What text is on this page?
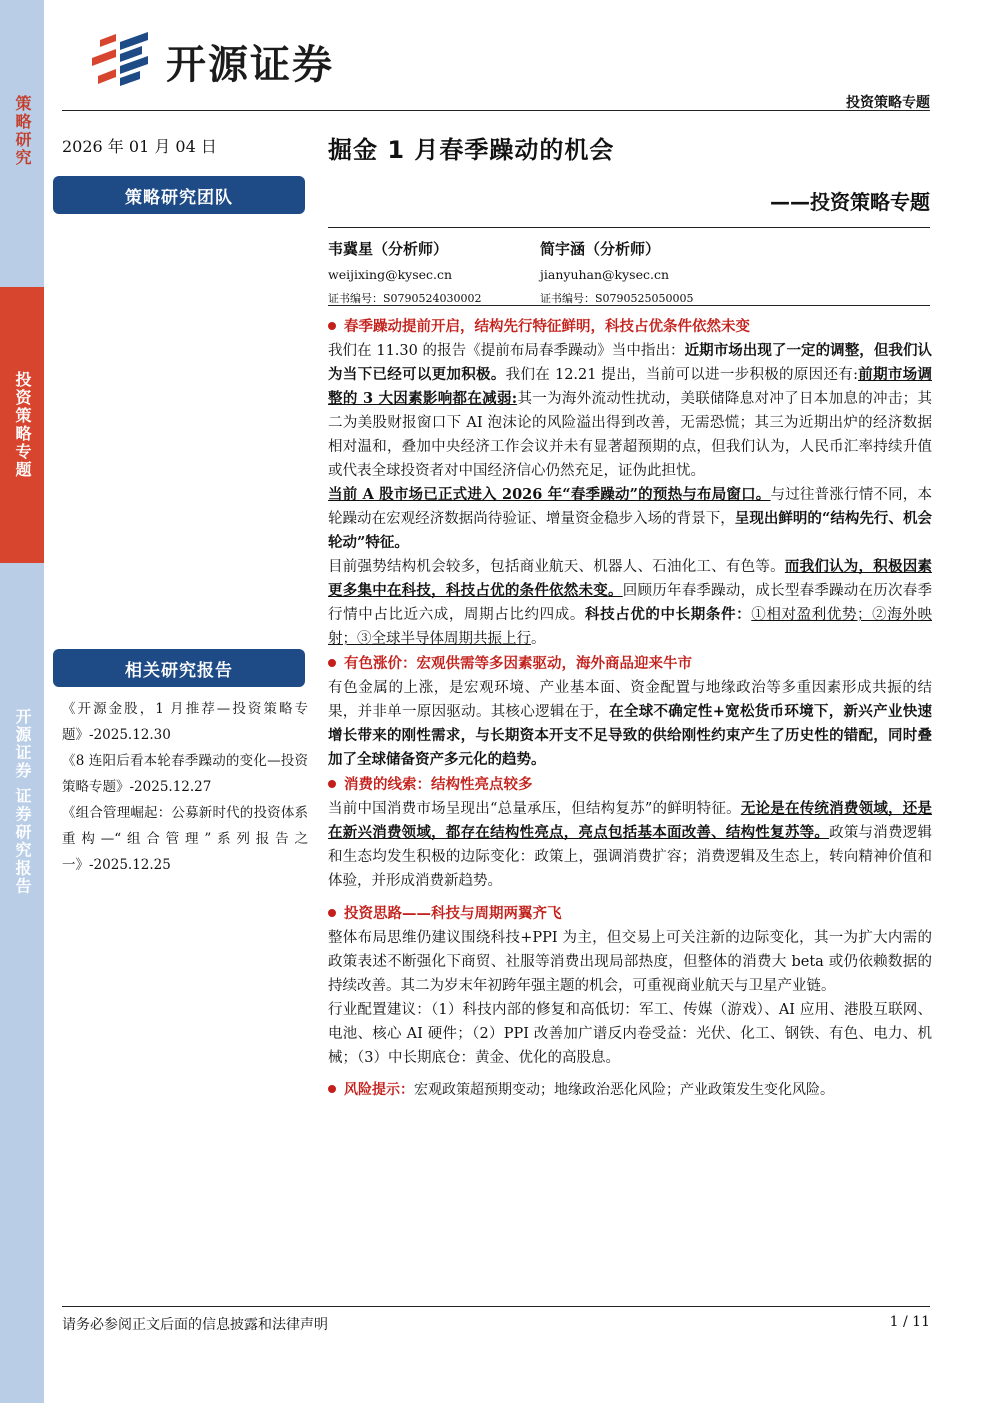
策略研究
投资策略专题
开源证券 证券研究报告
开源证券
投资策略专题
2026 年 01 月 04 日	掘金 1 月春季躁动的机会
——投资策略专题
策略研究团队
韦冀星（分析师）
weijixing@kysec.cn
证书编号：S0790524030002
简宇涵（分析师）
jianyuhan@kysec.cn
证书编号：S0790525050005
相关研究报告

《开源金股，1 月推荐—投资策略专题》-2025.12.30

《8 连阳后看本轮春季躁动的变化—投资策略专题》-2025.12.27

《组合管理崛起：公募新时代的投资体系重构—“组合管理”系列报告之一》-2025.12.25

春季躁动提前开启，结构先行特征鲜明，科技占优条件依然未变

我们在 11.30 的报告《提前布局春季躁动》当中指出：近期市场出现了一定的调整，但我们认为当下已经可以更加积极。我们在 12.21 提出，当前可以进一步积极的原因还有:前期市场调整的 3 大因素影响都在减弱:其一为海外流动性扰动，美联储降息对冲了日本加息的冲击；其二为美股财报窗口下 AI 泡沫论的风险溢出得到改善，无需恐慌；其三为近期出炉的经济数据相对温和，叠加中央经济工作会议并未有显著超预期的点，但我们认为，人民币汇率持续升值或代表全球投资者对中国经济信心仍然充足，证伪此担忧。

当前 A 股市场已正式进入 2026 年“春季躁动”的预热与布局窗口。与过往普涨行情不同，本轮躁动在宏观经济数据尚待验证、增量资金稳步入场的背景下，呈现出鲜明的“结构先行、机会轮动”特征。

目前强势结构机会较多，包括商业航天、机器人、石油化工、有色等。而我们认为，积极因素更多集中在科技，科技占优的条件依然未变。回顾历年春季躁动，成长型春季躁动在历次春季行情中占比近六成，周期占比约四成。科技占优的中长期条件：①相对盈利优势；②海外映射；③全球半导体周期共振上行。

有色涨价：宏观供需等多因素驱动，海外商品迎来牛市

有色金属的上涨，是宏观环境、产业基本面、资金配置与地缘政治等多重因素形成共振的结果，并非单一原因驱动。其核心逻辑在于，在全球不确定性+宽松货币环境下，新兴产业快速增长带来的刚性需求，与长期资本开支不足导致的供给刚性约束产生了历史性的错配，同时叠加了全球储备资产多元化的趋势。

消费的线索：结构性亮点较多

当前中国消费市场呈现出“总量承压，但结构复苏”的鲜明特征。无论是在传统消费领域，还是在新兴消费领域，都存在结构性亮点，亮点包括基本面改善、结构性复苏等。政策与消费逻辑和生态均发生积极的边际变化：政策上，强调消费扩容；消费逻辑及生态上，转向精神价值和体验，并形成消费新趋势。

投资思路——科技与周期两翼齐飞

整体布局思维仍建议围绕科技+PPI 为主，但交易上可关注新的边际变化，其一为扩大内需的政策表述不断强化下商贸、社服等消费出现局部热度，但整体的消费大 beta 或仍依赖数据的持续改善。其二为岁末年初跨年强主题的机会，可重视商业航天与卫星产业链。

行业配置建议：（1）科技内部的修复和高低切：军工、传媒（游戏）、AI 应用、港股互联网、电池、核心 AI 硬件；（2）PPI 改善加广谱反内卷受益：光伏、化工、钢铁、有色、电力、机械；（3）中长期底仓：黄金、优化的高股息。

风险提示：宏观政策超预期变动；地缘政治恶化风险；产业政策发生变化风险。
请务必参阅正文后面的信息披露和法律声明	1 / 11
